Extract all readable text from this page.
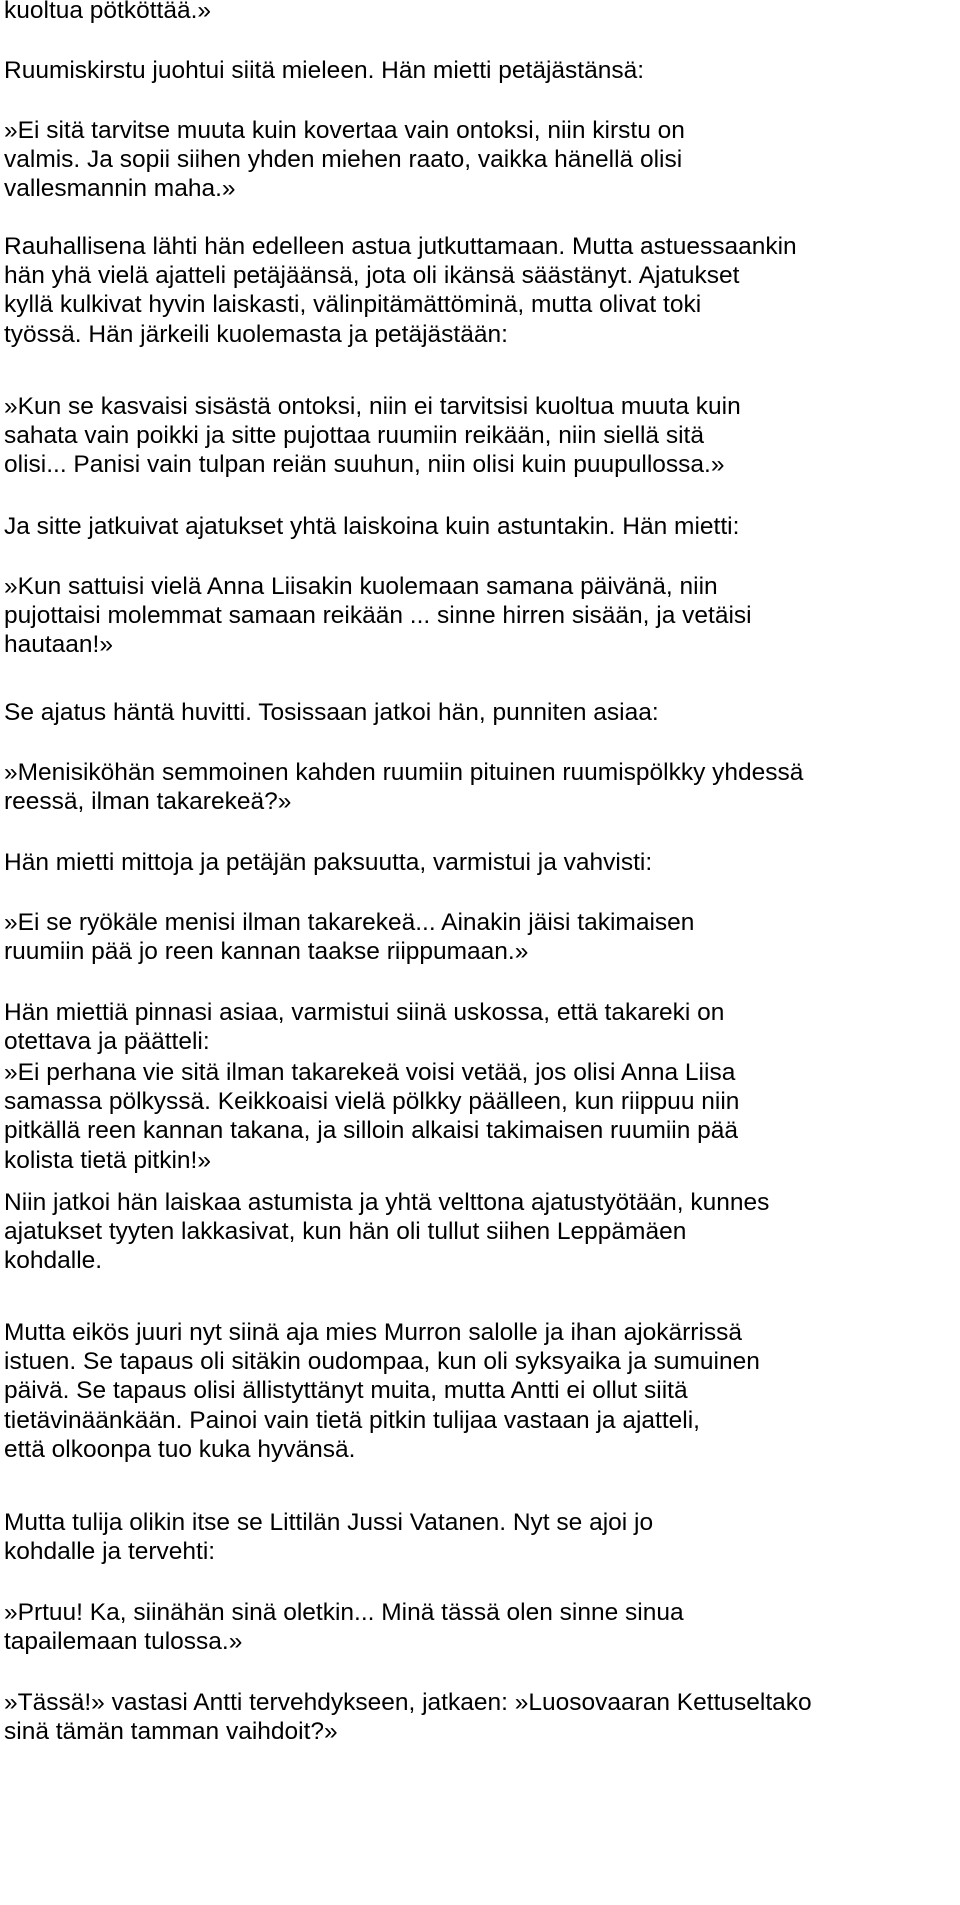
kuoltua pötköttää.»

Ruumiskirstu juohtui siitä mieleen. Hän mietti petäjästänsä:

»Ei sitä tarvitse muuta kuin kovertaa vain ontoksi, niin kirstu on
valmis. Ja sopii siihen yhden miehen raato, vaikka hänellä olisi
vallesmannin maha.»

Rauhallisena lähti hän edelleen astua jutkuttamaan. Mutta astuessaankin
hän yhä vielä ajatteli petäjäänsä, jota oli ikänsä säästänyt. Ajatukset
kyllä kulkivat hyvin laiskasti, välinpitämättöminä, mutta olivat toki
työssä. Hän järkeili kuolemasta ja petäjästään:

»Kun se kasvaisi sisästä ontoksi, niin ei tarvitsisi kuoltua muuta kuin
sahata vain poikki ja sitte pujottaa ruumiin reikään, niin siellä sitä
olisi... Panisi vain tulpan reiän suuhun, niin olisi kuin puupullossa.»

Ja sitte jatkuivat ajatukset yhtä laiskoina kuin astuntakin. Hän mietti:

»Kun sattuisi vielä Anna Liisakin kuolemaan samana päivänä, niin
pujottaisi molemmat samaan reikään ... sinne hirren sisään, ja vetäisi
hautaan!»

Se ajatus häntä huvitti. Tosissaan jatkoi hän, punniten asiaa:

»Menisiköhän semmoinen kahden ruumiin pituinen ruumispölkky yhdessä
reessä, ilman takarekeä?»

Hän mietti mittoja ja petäjän paksuutta, varmistui ja vahvisti:

»Ei se ryökäle menisi ilman takarekeä... Ainakin jäisi takimaisen
ruumiin pää jo reen kannan taakse riippumaan.»

Hän miettiä pinnasi asiaa, varmistui siinä uskossa, että takareki on
otettava ja päätteli:

»Ei perhana vie sitä ilman takarekeä voisi vetää, jos olisi Anna Liisa
samassa pölkyssä. Keikkoaisi vielä pölkky päälleen, kun riippuu niin
pitkällä reen kannan takana, ja silloin alkaisi takimaisen ruumiin pää
kolista tietä pitkin!»

Niin jatkoi hän laiskaa astumista ja yhtä velttona ajatustyötään, kunnes
ajatukset tyyten lakkasivat, kun hän oli tullut siihen Leppämäen
kohdalle.

Mutta eikös juuri nyt siinä aja mies Murron salolle ja ihan ajokärrissä
istuen. Se tapaus oli sitäkin oudompaa, kun oli syksyaika ja sumuinen
päivä. Se tapaus olisi ällistyttänyt muita, mutta Antti ei ollut siitä
tietävinäänkään. Painoi vain tietä pitkin tulijaa vastaan ja ajatteli,
että olkoonpa tuo kuka hyvänsä.

Mutta tulija olikin itse se Littilän Jussi Vatanen. Nyt se ajoi jo
kohdalle ja tervehti:

»Prtuu! Ka, siinähän sinä oletkin... Minä tässä olen sinne sinua
tapailemaan tulossa.»

»Tässä!» vastasi Antti tervehdykseen, jatkaen: »Luosovaaran Kettuseltako
sinä tämän tamman vaihdoit?»
